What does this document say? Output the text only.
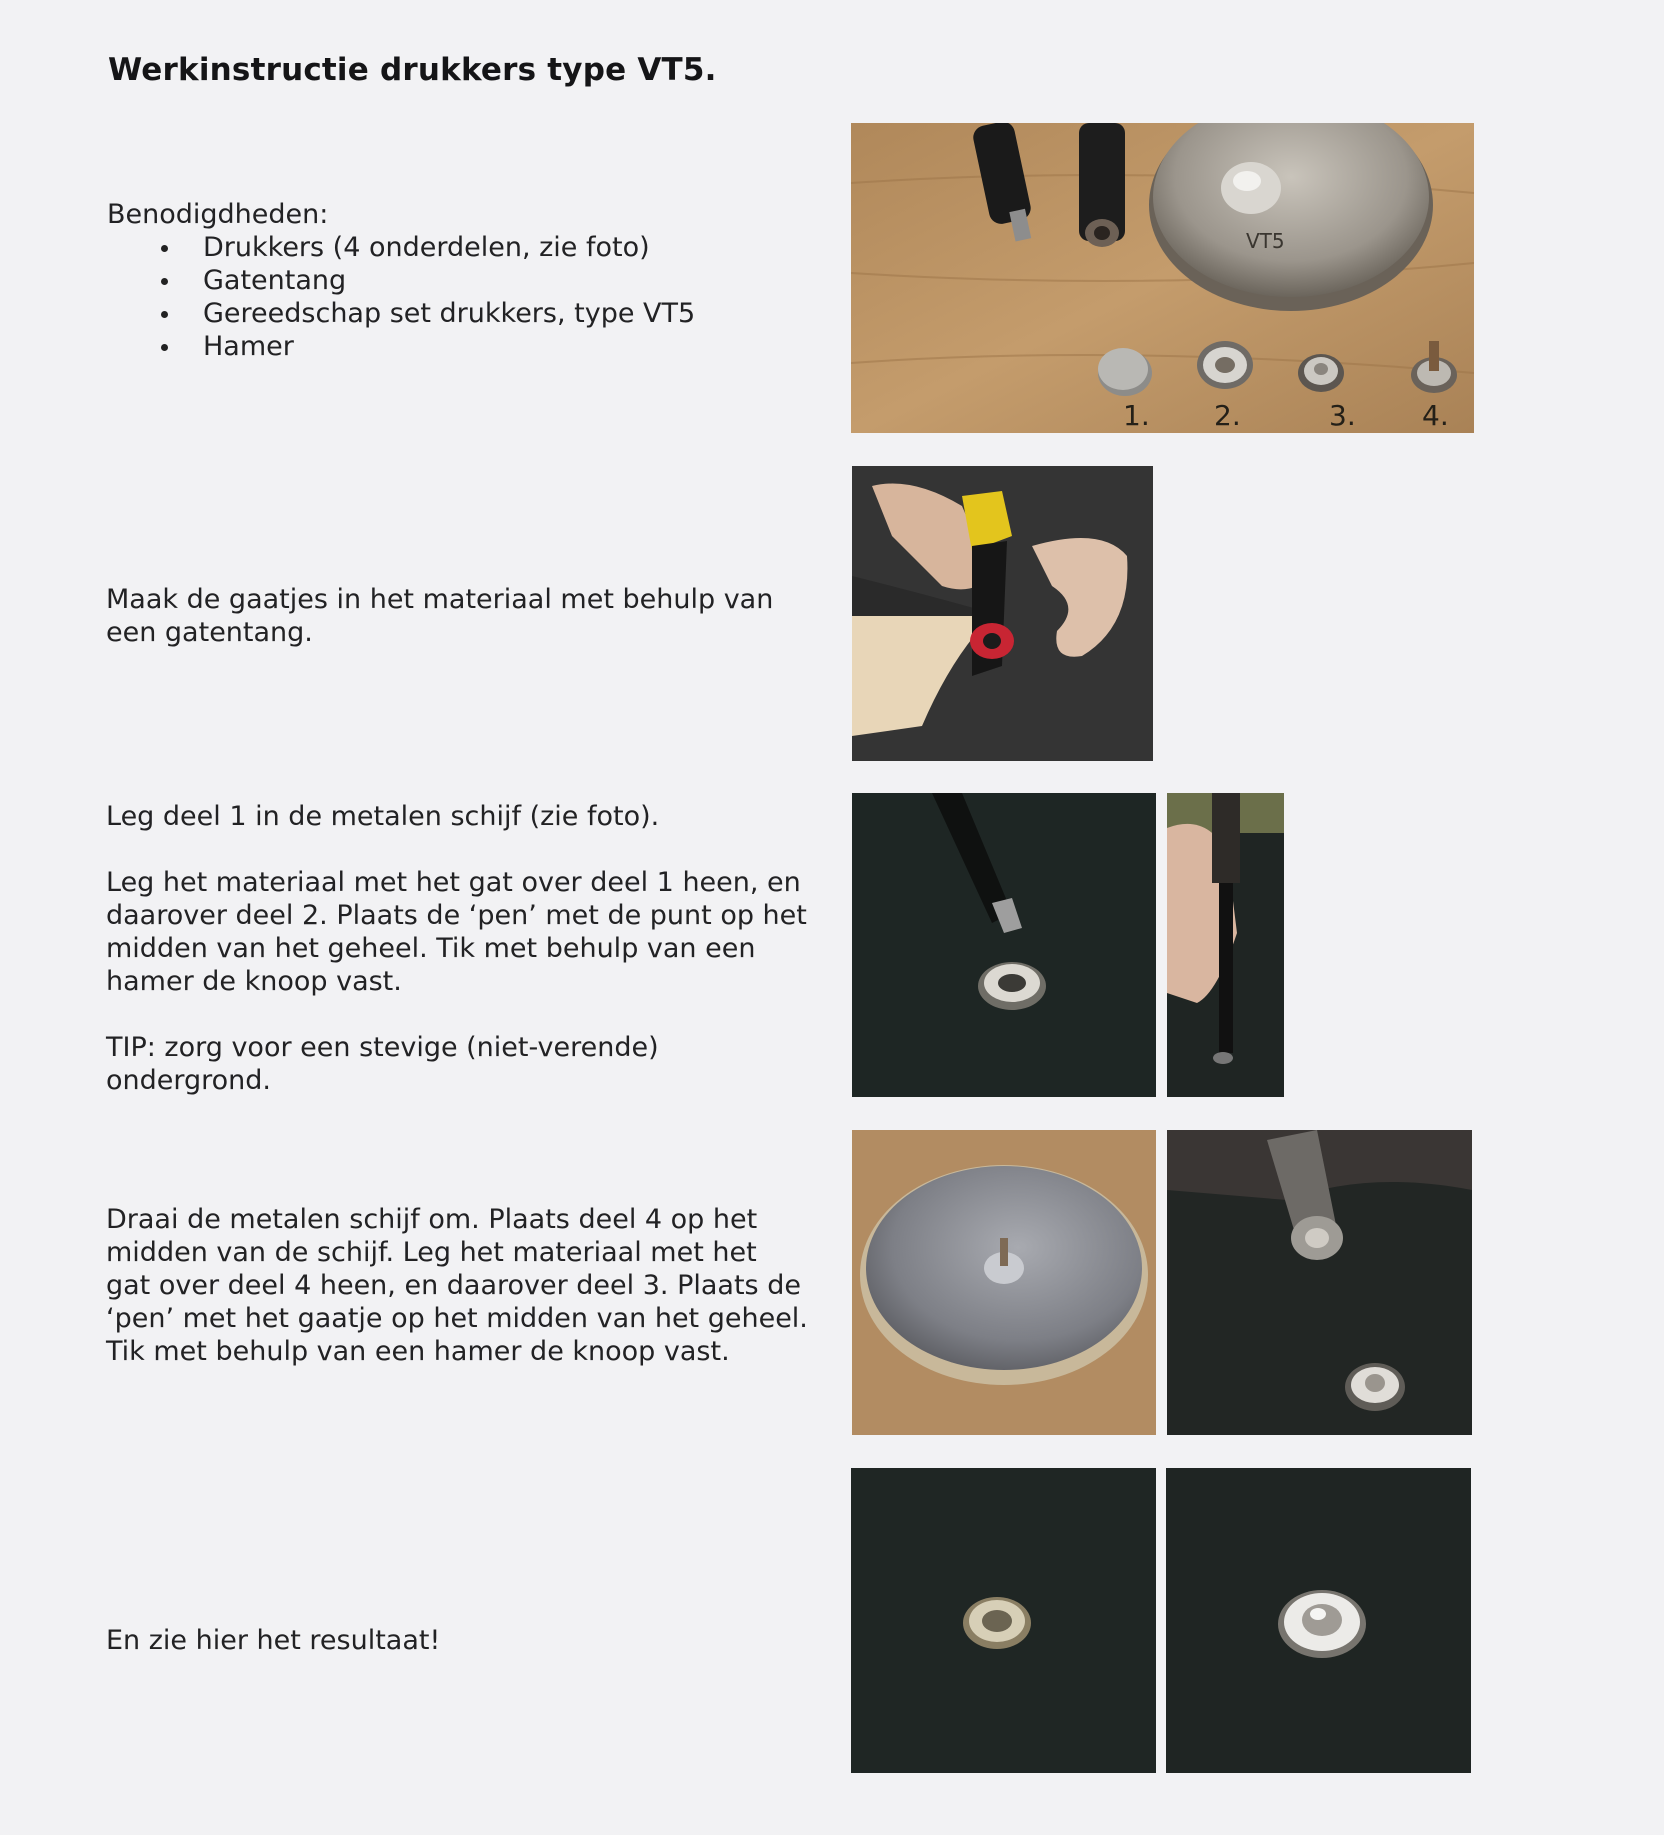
Werkinstructie drukkers type VT5.
Benodigdheden:
Drukkers (4 onderdelen, zie foto)
Gatentang
Gereedschap set drukkers, type VT5
Hamer
VT5
1. 2.	3. 4.

Maak de gaatjes in het materiaal met behulp van
een gatentang.

Leg deel 1 in de metalen schijf (zie foto).

Leg het materiaal met het gat over deel 1 heen, en
daarover deel 2. Plaats de ‘pen’ met de punt op het
midden van het geheel. Tik met behulp van een
hamer de knoop vast.

TIP: zorg voor een stevige (niet-verende)
ondergrond.

Draai de metalen schijf om. Plaats deel 4 op het
midden van de schijf. Leg het materiaal met het
gat over deel 4 heen, en daarover deel 3. Plaats de
‘pen’ met het gaatje op het midden van het geheel.
Tik met behulp van een hamer de knoop vast.

En zie hier het resultaat!
